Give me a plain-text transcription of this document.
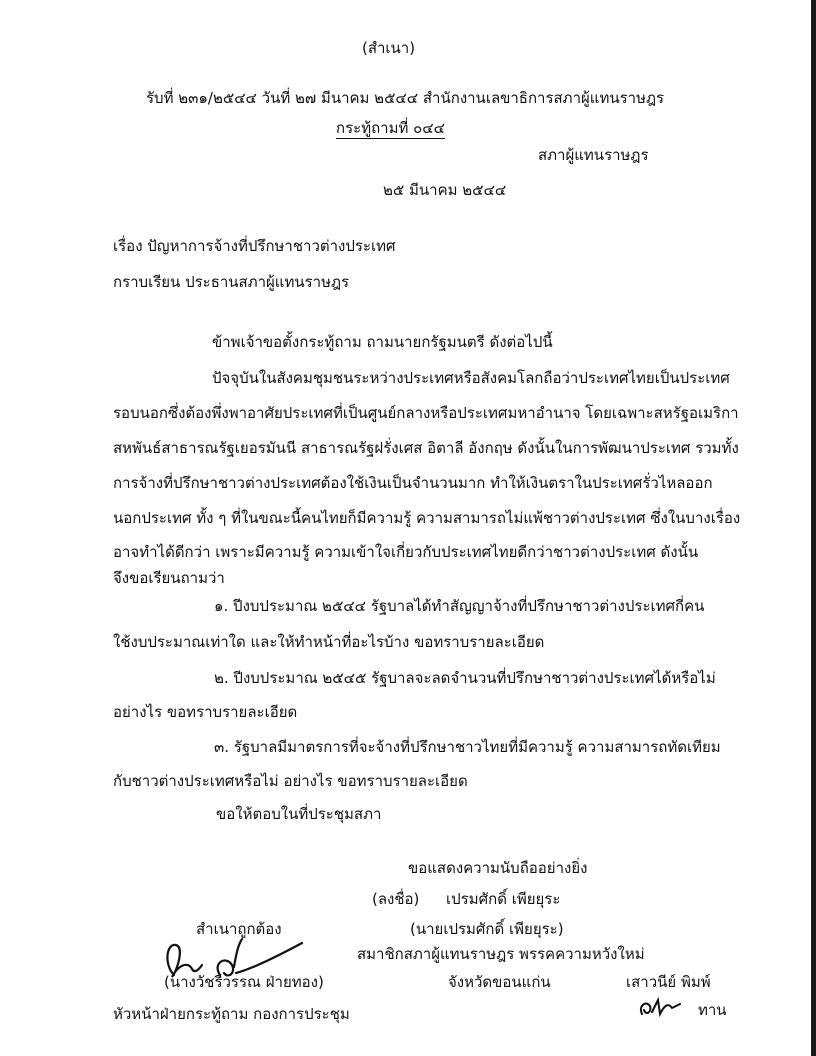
(สำเนา)
รับที่ ๒๓๑/๒๕๔๔ วันที่ ๒๗ มีนาคม ๒๕๔๔ สำนักงานเลขาธิการสภาผู้แทนราษฎร
กระทู้ถามที่ ๐๔๔
สภาผู้แทนราษฎร
๒๕ มีนาคม ๒๕๔๔
เรื่อง ปัญหาการจ้างที่ปรึกษาชาวต่างประเทศ
กราบเรียน ประธานสภาผู้แทนราษฎร
ข้าพเจ้าขอตั้งกระทู้ถาม ถามนายกรัฐมนตรี ดังต่อไปนี้
ปัจจุบันในสังคมชุมชนระหว่างประเทศหรือสังคมโลกถือว่าประเทศไทยเป็นประเทศ
รอบนอกซึ่งต้องพึ่งพาอาศัยประเทศที่เป็นศูนย์กลางหรือประเทศมหาอำนาจ โดยเฉพาะสหรัฐอเมริกา
สหพันธ์สาธารณรัฐเยอรมันนี สาธารณรัฐฝรั่งเศส อิตาลี อังกฤษ ดังนั้นในการพัฒนาประเทศ รวมทั้ง
การจ้างที่ปรึกษาชาวต่างประเทศต้องใช้เงินเป็นจำนวนมาก ทำให้เงินตราในประเทศรั่วไหลออก
นอกประเทศ ทั้ง ๆ ที่ในขณะนี้คนไทยก็มีความรู้ ความสามารถไม่แพ้ชาวต่างประเทศ ซึ่งในบางเรื่อง
อาจทำได้ดีกว่า เพราะมีความรู้ ความเข้าใจเกี่ยวกับประเทศไทยดีกว่าชาวต่างประเทศ ดังนั้น
จึงขอเรียนถามว่า
๑. ปีงบประมาณ ๒๕๔๔ รัฐบาลได้ทำสัญญาจ้างที่ปรึกษาชาวต่างประเทศกี่คน
ใช้งบประมาณเท่าใด และให้ทำหน้าที่อะไรบ้าง ขอทราบรายละเอียด
๒. ปีงบประมาณ ๒๕๔๕ รัฐบาลจะลดจำนวนที่ปรึกษาชาวต่างประเทศได้หรือไม่
อย่างไร ขอทราบรายละเอียด
๓. รัฐบาลมีมาตรการที่จะจ้างที่ปรึกษาชาวไทยที่มีความรู้ ความสามารถทัดเทียม
กับชาวต่างประเทศหรือไม่ อย่างไร ขอทราบรายละเอียด
ขอให้ตอบในที่ประชุมสภา
ขอแสดงความนับถืออย่างยิ่ง
(ลงชื่อ) เปรมศักดิ์ เพียยุระ
(นายเปรมศักดิ์ เพียยุระ)
สำเนาถูกต้อง
สมาชิกสภาผู้แทนราษฎร พรรคความหวังใหม่
(นางวัชรีวรรณ ฝ่ายทอง)	จังหวัดขอนแก่น	เสาวนีย์ พิมพ์
ทาน
หัวหน้าฝ่ายกระทู้ถาม กองการประชุม
